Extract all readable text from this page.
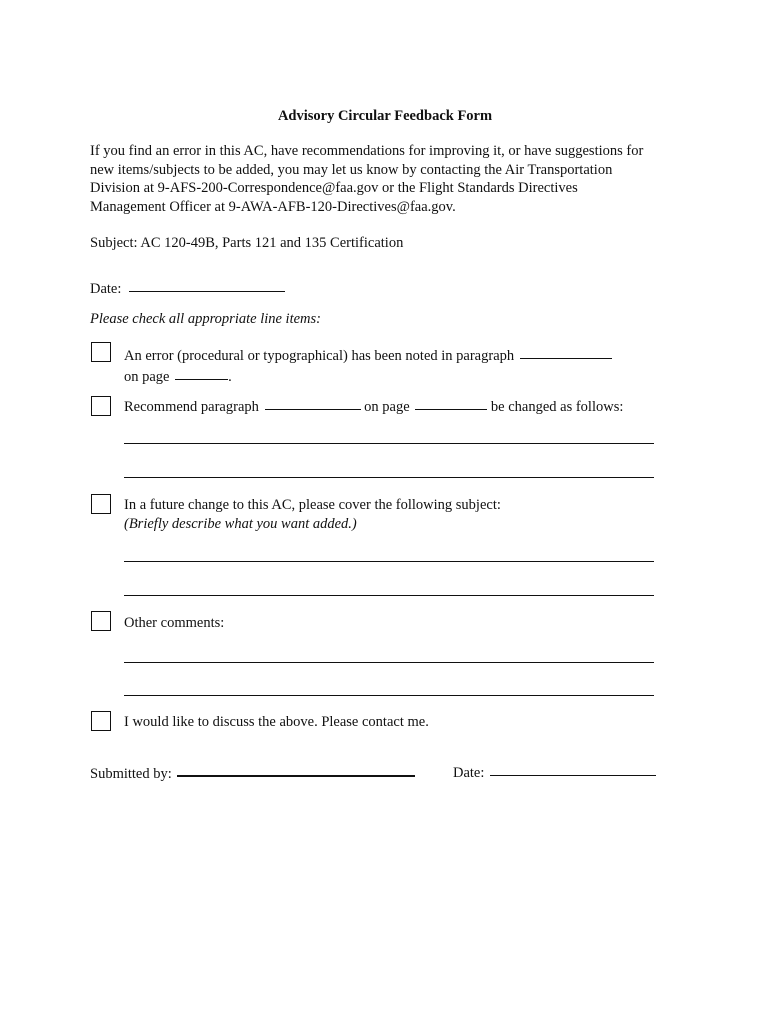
Advisory Circular Feedback Form

If you find an error in this AC, have recommendations for improving it, or have suggestions for
new items/subjects to be added, you may let us know by contacting the Air Transportation
Division at 9-AFS-200-Correspondence@faa.gov or the Flight Standards Directives
Management Officer at 9-AWA-AFB-120-Directives@faa.gov.

Subject: AC 120-49B, Parts 121 and 135 Certification
Date:
Please check all appropriate line items:
An error (procedural or typographical) has been noted in paragraph
on page	.
Recommend paragraph	on page	be changed as follows:
In a future change to this AC, please cover the following subject:
(Briefly describe what you want added.)
Other comments:
I would like to discuss the above. Please contact me.
Submitted by:	Date:
